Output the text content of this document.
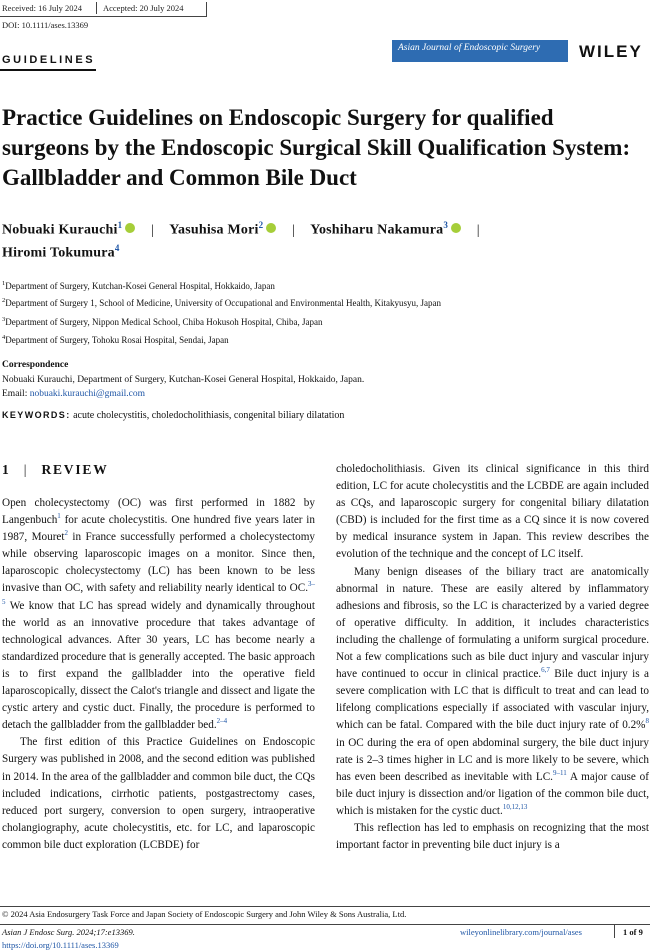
Received: 16 July 2024 Accepted: 20 July 2024
DOI: 10.1111/ases.13369
Asian Journal of Endoscopic Surgery	WILEY
GUIDELINES
Practice Guidelines on Endoscopic Surgery for qualified surgeons by the Endoscopic Surgical Skill Qualification System: Gallbladder and Common Bile Duct
Nobuaki Kurauchi$^1$ | Yasuhisa Mori$^2$ | Yoshiharu Nakamura$^3$ |
Hiromi Tokumura$^4$
$^1$Department of Surgery, Kutchan-Kosei General Hospital, Hokkaido, Japan
$^2$Department of Surgery 1, School of Medicine, University of Occupational and Environmental Health, Kitakyusyu, Japan
$^3$Department of Surgery, Nippon Medical School, Chiba Hokusoh Hospital, Chiba, Japan
$^4$Department of Surgery, Tohoku Rosai Hospital, Sendai, Japan
Correspondence
Nobuaki Kurauchi, Department of Surgery, Kutchan-Kosei General Hospital, Hokkaido, Japan.
Email: nobuaki.kurauchi@gmail.com
KEYWORDS: acute cholecystitis, choledocholithiasis, congenital biliary dilatation
1 | REVIEW

Open cholecystectomy (OC) was first performed in 1882 by Langenbuch$^1$ for acute cholecystitis. One hundred five years later in 1987, Mouret$^2$ in France successfully performed a cholecystectomy while observing laparoscopic images on a monitor. Since then, laparoscopic cholecystectomy (LC) has been known to be less invasive than OC, with safety and reliability nearly identical to OC.$^{3-5}$ We know that LC has spread widely and dynamically throughout the world as an innovative procedure that takes advantage of technological advances. After 30 years, LC has become nearly a standardized procedure that is generally accepted. The basic approach is to first expand the gallbladder into the operative field laparoscopically, dissect the Calot's triangle and dissect and ligate the cystic artery and cystic duct. Finally, the procedure is performed to detach the gallbladder from the gallbladder bed.$^{2-4}$

The first edition of this Practice Guidelines on Endoscopic Surgery was published in 2008, and the second edition was published in 2014. In the area of the gallbladder and common bile duct, the CQs included indications, cirrhotic patients, postgastrectomy cases, reduced port surgery, conversion to open surgery, intraoperative cholangiography, acute cholecystitis, etc. for LC, and laparoscopic common bile duct exploration (LCBDE) for

choledocholithiasis. Given its clinical significance in this third edition, LC for acute cholecystitis and the LCBDE are again included as CQs, and laparoscopic surgery for congenital biliary dilatation (CBD) is included for the first time as a CQ since it is now covered by medical insurance system in Japan. This review describes the evolution of the technique and the concept of LC itself.

Many benign diseases of the biliary tract are anatomically abnormal in nature. These are easily altered by inflammatory adhesions and fibrosis, so the LC is characterized by a varied degree of operative difficulty. In addition, it includes characteristics including the challenge of formulating a uniform surgical procedure. Not a few complications such as bile duct injury and vascular injury have continued to occur in clinical practice.$^{6,7}$ Bile duct injury is a severe complication with LC that is difficult to treat and can lead to lifelong complications especially if associated with vascular injury, which can be fatal. Compared with the bile duct injury rate of 0.2%$^8$ in OC during the era of open abdominal surgery, the bile duct injury rate is 2–3 times higher in LC and is more likely to be severe, which has even been described as inevitable with LC.$^{9-11}$ A major cause of bile duct injury is dissection and/or ligation of the common bile duct, which is mistaken for the cystic duct.$^{10,12,13}$

This reflection has led to emphasis on recognizing that the most important factor in preventing bile duct injury is a

© 2024 Asia Endosurgery Task Force and Japan Society of Endoscopic Surgery and John Wiley & Sons Australia, Ltd.
Asian J Endosc Surg. 2024;17:e13369.	wileyonlinelibrary.com/journal/ases	1 of 9
https://doi.org/10.1111/ases.13369
